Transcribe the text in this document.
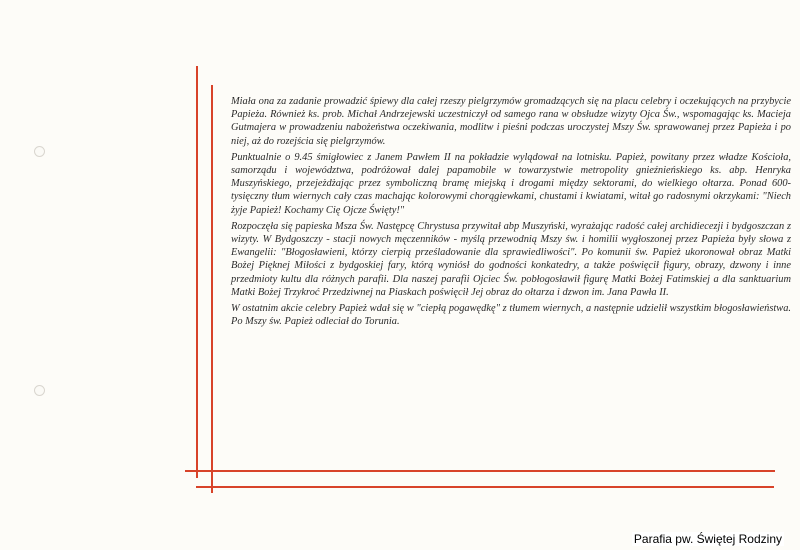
Miała ona za zadanie prowadzić śpiewy dla całej rzeszy pielgrzymów gromadzących się na placu celebry i oczekujących na przybycie Papieża. Również ks. prob. Michał Andrzejewski uczestniczył od samego rana w obsłudze wizyty Ojca Św., wspomagając ks. Macieja Gutmajera w prowadzeniu nabożeństwa oczekiwania, modlitw i pieśni podczas uroczystej Mszy Św. sprawowanej przez Papieża i po niej, aż do rozejścia się pielgrzymów.

Punktualnie o 9.45 śmigłowiec z Janem Pawłem II na pokładzie wylądował na lotnisku. Papież, powitany przez władze Kościoła, samorządu i województwa, podróżował dalej papamobile w towarzystwie metropolity gnieźnieńskiego ks. abp. Henryka Muszyńskiego, przejeżdżając przez symboliczną bramę miejską i drogami między sektorami, do wielkiego ołtarza. Ponad 600-tysięczny tłum wiernych cały czas machając kolorowymi chorągiewkami, chustami i kwiatami, witał go radosnymi okrzykami: "Niech żyje Papież! Kochamy Cię Ojcze Święty!"

Rozpoczęła się papieska Msza Św. Następcę Chrystusa przywitał abp Muszyński, wyrażając radość całej archidiecezji i bydgoszczan z wizyty. W Bydgoszczy - stacji nowych męczenników - myślą przewodnią Mszy św. i homilii wygłoszonej przez Papieża były słowa z Ewangelii: "Błogosławieni, którzy cierpią prześladowanie dla sprawiedliwości". Po komunii św. Papież ukoronował obraz Matki Bożej Pięknej Miłości z bydgoskiej fary, którą wyniósł do godności konkatedry, a także poświęcił figury, obrazy, dzwony i inne przedmioty kultu dla różnych parafii. Dla naszej parafii Ojciec Św. pobłogosławił figurę Matki Bożej Fatimskiej a dla sanktuarium Matki Bożej Trzykroć Przedziwnej na Piaskach poświęcił Jej obraz do ołtarza i dzwon im. Jana Pawła II.

W ostatnim akcie celebry Papież wdał się w "ciepłą pogawędkę" z tłumem wiernych, a następnie udzielił wszystkim błogosławieństwa. Po Mszy św. Papież odleciał do Torunia.

Parafia pw. Świętej Rodziny
